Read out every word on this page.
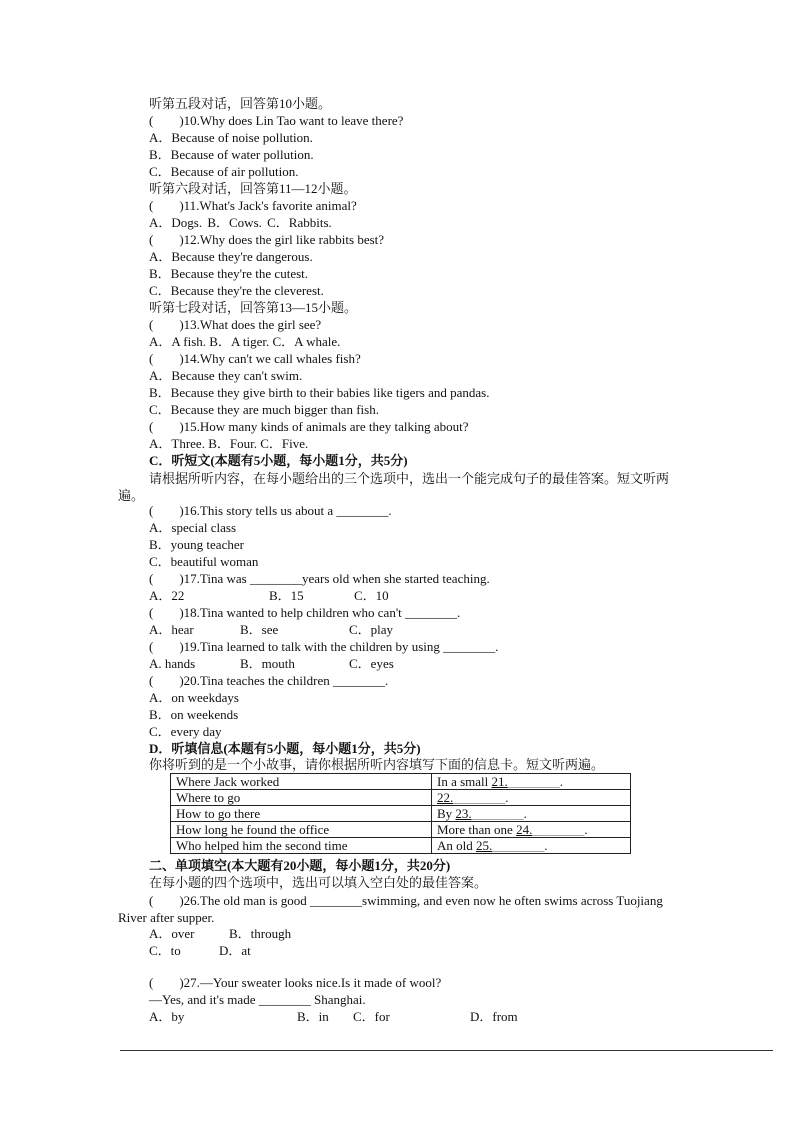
听第五段对话，回答第10小题。
(　　)10.Why does Lin Tao want to leave there?
A．Because of noise pollution.
B．Because of water pollution.
C．Because of air pollution.
听第六段对话，回答第11—12小题。
(　　)11.What's Jack's favorite animal?
A．Dogs. B．Cows. C．Rabbits.
(　　)12.Why does the girl like rabbits best?
A．Because they're dangerous.
B．Because they're the cutest.
C．Because they're the cleverest.
听第七段对话，回答第13—15小题。
(　　)13.What does the girl see?
A．A fish. B．A tiger. C．A whale.
(　　)14.Why can't we call whales fish?
A．Because they can't swim.
B．Because they give birth to their babies like tigers and pandas.
C．Because they are much bigger than fish.
(　　)15.How many kinds of animals are they talking about?
A．Three. B．Four. C．Five.
C．听短文(本题有5小题，每小题1分，共5分)
请根据所听内容，在每小题给出的三个选项中，选出一个能完成句子的最佳答案。短文听两遍。
(　　)16.This story tells us about a ________.
A．special class
B．young teacher
C．beautiful woman
(　　)17.Tina was ________years old when she started teaching.
A．22	B．15	C．10
(　　)18.Tina wanted to help children who can't ________.
A．hear	B．see	C．play
(　　)19.Tina learned to talk with the children by using ________.
A. hands	B．mouth	C．eyes
(　　)20.Tina teaches the children ________.
A．on weekdays
B．on weekends
C．every day
D．听填信息(本题有5小题，每小题1分，共5分)
你将听到的是一个小故事，请你根据所听内容填写下面的信息卡。短文听两遍。
Where Jack worked	In a small 21.________.
Where to go	22.________.
How to go there	By 23.________.
How long he found the office	More than one 24.________.
Who helped him the second time	An old 25.________.
二、单项填空(本大题有20小题，每小题1分，共20分)
在每小题的四个选项中，选出可以填入空白处的最佳答案。
(　　)26.The old man is good ________swimming, and even now he often swims across Tuojiang River after supper.
A．over	B．through
C．to	D．at
(　　)27.—Your sweater looks nice.Is it made of wool?
—Yes, and it's made ________ Shanghai.
A．by	B．in C．for	D．from
